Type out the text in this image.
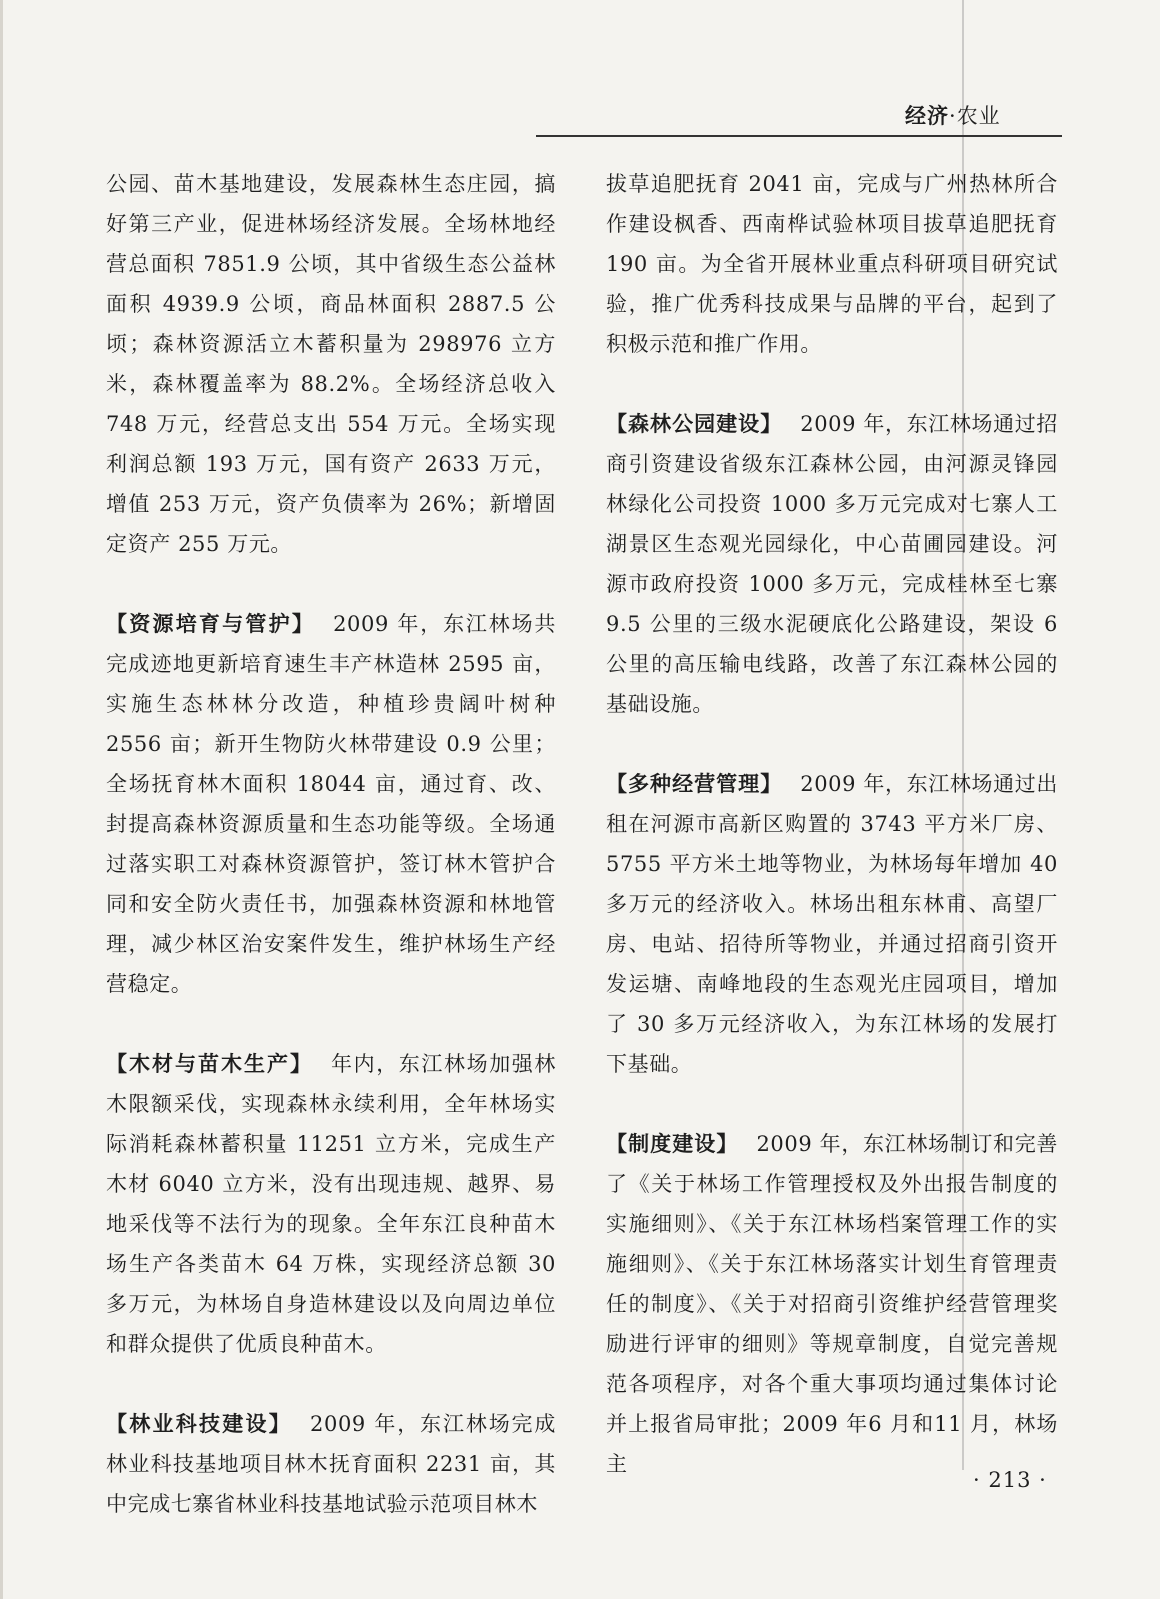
经济·农业

公园、苗木基地建设，发展森林生态庄园，搞好第三产业，促进林场经济发展。全场林地经营总面积 7851.9 公顷，其中省级生态公益林面积 4939.9 公顷，商品林面积 2887.5 公顷；森林资源活立木蓄积量为 298976 立方米，森林覆盖率为 88.2%。全场经济总收入 748 万元，经营总支出 554 万元。全场实现利润总额 193 万元，国有资产 2633 万元，增值 253 万元，资产负债率为 26%；新增固定资产 255 万元。

【资源培育与管护】 2009 年，东江林场共完成迹地更新培育速生丰产林造林 2595 亩，实施生态林林分改造，种植珍贵阔叶树种 2556 亩；新开生物防火林带建设 0.9 公里；全场抚育林木面积 18044 亩，通过育、改、封提高森林资源质量和生态功能等级。全场通过落实职工对森林资源管护，签订林木管护合同和安全防火责任书，加强森林资源和林地管理，减少林区治安案件发生，维护林场生产经营稳定。

【木材与苗木生产】 年内，东江林场加强林木限额采伐，实现森林永续利用，全年林场实际消耗森林蓄积量 11251 立方米，完成生产木材 6040 立方米，没有出现违规、越界、易地采伐等不法行为的现象。全年东江良种苗木场生产各类苗木 64 万株，实现经济总额 30 多万元，为林场自身造林建设以及向周边单位和群众提供了优质良种苗木。

【林业科技建设】 2009 年，东江林场完成林业科技基地项目林木抚育面积 2231 亩，其中完成七寨省林业科技基地试验示范项目林木

拔草追肥抚育 2041 亩，完成与广州热林所合作建设枫香、西南桦试验林项目拔草追肥抚育 190 亩。为全省开展林业重点科研项目研究试验，推广优秀科技成果与品牌的平台，起到了积极示范和推广作用。

【森林公园建设】 2009 年，东江林场通过招商引资建设省级东江森林公园，由河源灵锋园林绿化公司投资 1000 多万元完成对七寨人工湖景区生态观光园绿化，中心苗圃园建设。河源市政府投资 1000 多万元，完成桂林至七寨 9.5 公里的三级水泥硬底化公路建设，架设 6 公里的高压输电线路，改善了东江森林公园的基础设施。

【多种经营管理】 2009 年，东江林场通过出租在河源市高新区购置的 3743 平方米厂房、5755 平方米土地等物业，为林场每年增加 40 多万元的经济收入。林场出租东林甫、高望厂房、电站、招待所等物业，并通过招商引资开发运塘、南峰地段的生态观光庄园项目，增加了 30 多万元经济收入，为东江林场的发展打下基础。

【制度建设】 2009 年，东江林场制订和完善了《关于林场工作管理授权及外出报告制度的实施细则》、《关于东江林场档案管理工作的实施细则》、《关于东江林场落实计划生育管理责任的制度》、《关于对招商引资维护经营管理奖励进行评审的细则》等规章制度，自觉完善规范各项程序，对各个重大事项均通过集体讨论并上报省局审批；2009 年6 月和11 月，林场主

· 213 ·
